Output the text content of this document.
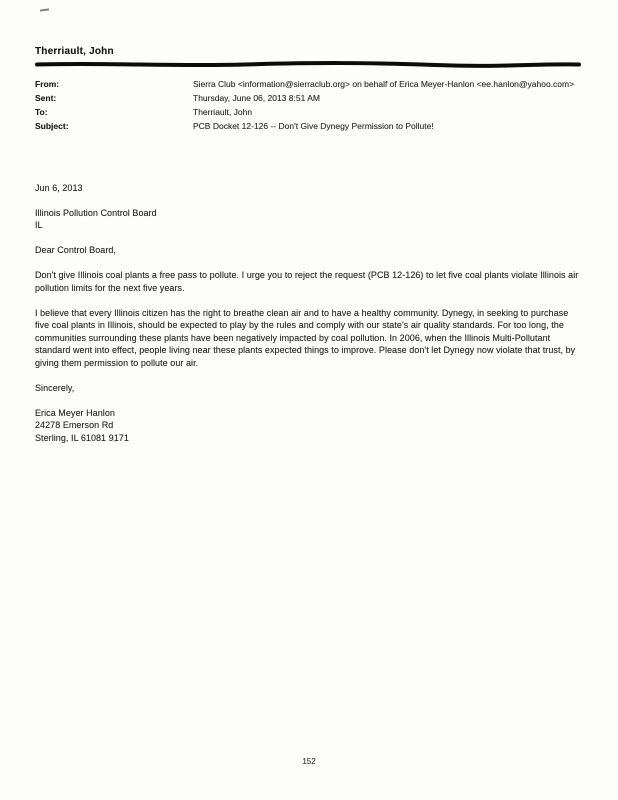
Therriault, John
From:	Sierra Club <information@sierraclub.org> on behalf of Erica Meyer-Hanlon <ee.hanlon@yahoo.com>
Sent:	Thursday, June 06, 2013 8:51 AM
To:	Therriault, John
Subject:	PCB Docket 12-126 -- Don't Give Dynegy Permission to Pollute!

Jun 6, 2013

Illinois Pollution Control Board
IL

Dear Control Board,

Don't give Illinois coal plants a free pass to pollute. I urge you to reject the request (PCB 12-126) to let five coal plants violate Illinois air pollution limits for the next five years.

I believe that every Illinois citizen has the right to breathe clean air and to have a healthy community. Dynegy, in seeking to purchase five coal plants in Illinois, should be expected to play by the rules and comply with our state's air quality standards. For too long, the communities surrounding these plants have been negatively impacted by coal pollution. In 2006, when the Illinois Multi-Pollutant standard went into effect, people living near these plants expected things to improve. Please don't let Dynegy now violate that trust, by giving them permission to pollute our air.

Sincerely,

Erica Meyer Hanlon
24278 Emerson Rd
Sterling, IL 61081 9171
152
